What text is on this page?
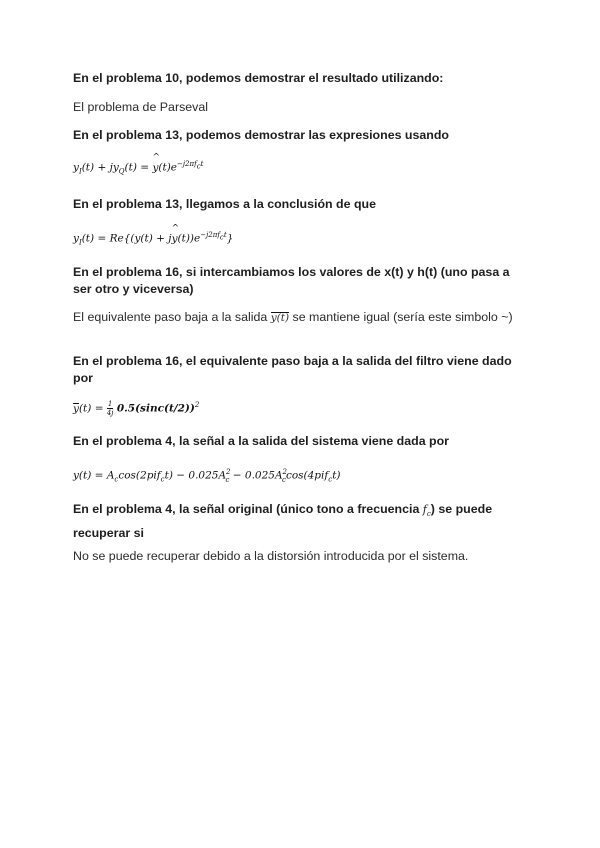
En el problema 10, podemos demostrar el resultado utilizando:
El problema de Parseval
En el problema 13, podemos demostrar las expresiones usando
$y_I(t) + jy_Q(t)$ = ^ $y(t)e^{-j2\pi f_ct}$
En el problema 13, llegamos a la conclusión de que
$y_I(t) = Re\{(y(t)$ + j^ $y(t))e^{-j2\pi f_ct}$}
En el problema 16, si intercambiamos los valores de x(t) y h(t) (uno pasa a ser otro y viceversa)
El equivalente paso baja a la salida y(t) se mantiene igual (sería este simbolo ~)
En el problema 16, el equivalente paso baja a la salida del filtro viene dado por
$y(t) = \frac{1}{4j} 0.5(\sin c(t/2))^2$
En el problema 4, la señal a la salida del sistema viene dada por
$y(t) = A_c\cos(2pif_ct) - 0.025A^2_c - 0.025A^2_c\cos(4pif_ct)$
En el problema 4, la señal original (único tono a frecuencia $f_c$) se puede recuperar si
No se puede recuperar debido a la distorsión introducida por el sistema.
